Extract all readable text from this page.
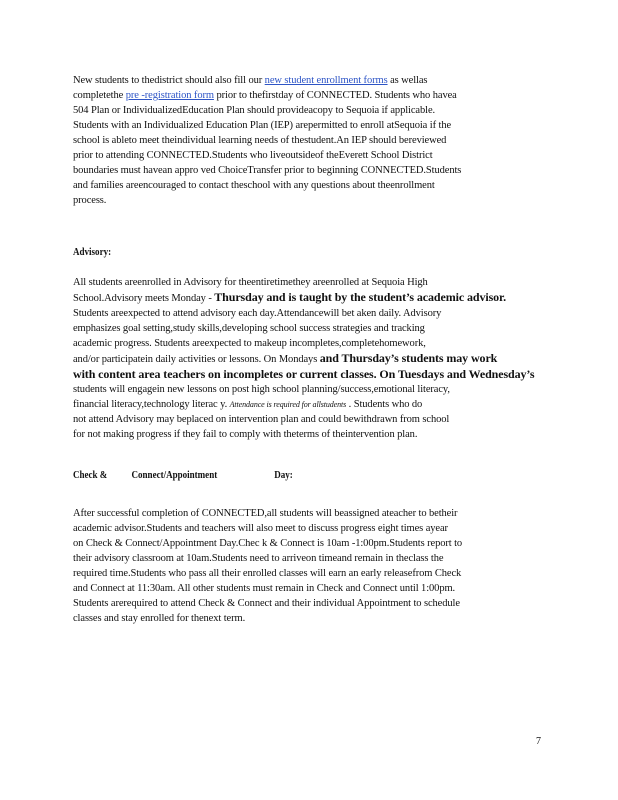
New students to thedistrict should also fill our new student enrollment forms as wellas
completethe pre -registration form prior to thefirstday of CONNECTED. Students who havea
504 Plan or IndividualizedEducation Plan should provideacopy to Sequoia if applicable.
Students with an Individualized Education Plan (IEP) arepermitted to enroll atSequoia if the
school is ableto meet theindividual learning needs of thestudent.An IEP should bereviewed
prior to attending CONNECTED.Students who liveoutsideof theEverett School District
boundaries must havean appro ved ChoiceTransfer prior to beginning CONNECTED.Students
and families areencouraged to contact theschool with any questions about theenrollment
process.
Advisory:
All students areenrolled in Advisory for theentiretimethey areenrolled at Sequoia High
School.Advisory meets Monday - Thursday and is taught by the student’s academic advisor.
Students areexpected to attend advisory each day.Attendancewill bet aken daily. Advisory
emphasizes goal setting,study skills,developing school success strategies and tracking
academic progress. Students areexpected to makeup incompletes,completehomework,
and/or participatein daily activities or lessons. On Mondays and Thursday’s students may work
with content area teachers on incompletes or current classes. On Tuesdays and Wednesday’s
students will engagein new lessons on post high school planning/success,emotional literacy,
financial literacy,technology literac y. Attendance is required for allstudents . Students who do
not attend Advisory may beplaced on intervention plan and could bewithdrawn from school
for not making progress if they fail to comply with theterms of theintervention plan.
Check & Connect/Appointment	Day:
After successful completion of CONNECTED,all students will beassigned ateacher to betheir
academic advisor.Students and teachers will also meet to discuss progress eight times ayear
on Check & Connect/Appointment Day.Chec k & Connect is 10am -1:00pm.Students report to
their advisory classroom at 10am.Students need to arriveon timeand remain in theclass the
required time.Students who pass all their enrolled classes will earn an early releasefrom Check
and Connect at 11:30am. All other students must remain in Check and Connect until 1:00pm.
Students arerequired to attend Check & Connect and their individual Appointment to schedule
classes and stay enrolled for thenext term.
7
